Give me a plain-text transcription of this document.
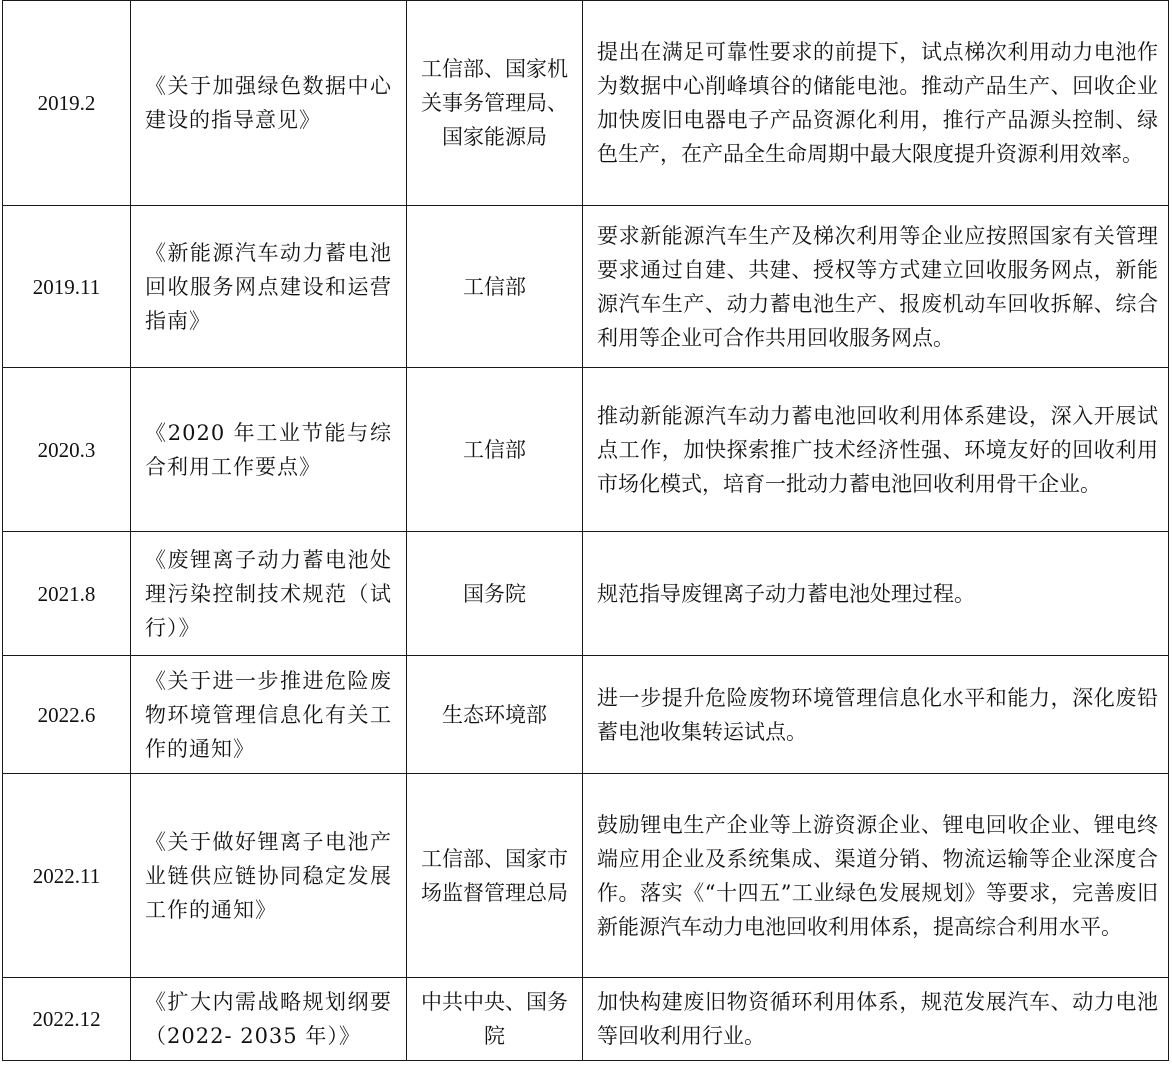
2019.2	《关于加强绿色数据中心建设的指导意见》	工信部、国家机关事务管理局、国家能源局	提出在满足可靠性要求的前提下，试点梯次利用动力电池作为数据中心削峰填谷的储能电池。推动产品生产、回收企业加快废旧电器电子产品资源化利用，推行产品源头控制、绿色生产，在产品全生命周期中最大限度提升资源利用效率。

2019.11	《新能源汽车动力蓄电池回收服务网点建设和运营指南》	工信部	要求新能源汽车生产及梯次利用等企业应按照国家有关管理要求通过自建、共建、授权等方式建立回收服务网点，新能源汽车生产、动力蓄电池生产、报废机动车回收拆解、综合利用等企业可合作共用回收服务网点。

2020.3	《2020 年工业节能与综合利用工作要点》	工信部	推动新能源汽车动力蓄电池回收利用体系建设，深入开展试点工作，加快探索推广技术经济性强、环境友好的回收利用市场化模式，培育一批动力蓄电池回收利用骨干企业。

2021.8	《废锂离子动力蓄电池处理污染控制技术规范（试行）》	国务院	规范指导废锂离子动力蓄电池处理过程。

2022.6	《关于进一步推进危险废物环境管理信息化有关工作的通知》	生态环境部	进一步提升危险废物环境管理信息化水平和能力，深化废铅蓄电池收集转运试点。

2022.11	《关于做好锂离子电池产业链供应链协同稳定发展工作的通知》	工信部、国家市场监督管理总局	鼓励锂电生产企业等上游资源企业、锂电回收企业、锂电终端应用企业及系统集成、渠道分销、物流运输等企业深度合作。落实《“十四五”工业绿色发展规划》等要求，完善废旧新能源汽车动力电池回收利用体系，提高综合利用水平。

2022.12	《扩大内需战略规划纲要（2022- 2035 年）》	中共中央、国务院	加快构建废旧物资循环利用体系，规范发展汽车、动力电池等回收利用行业。
